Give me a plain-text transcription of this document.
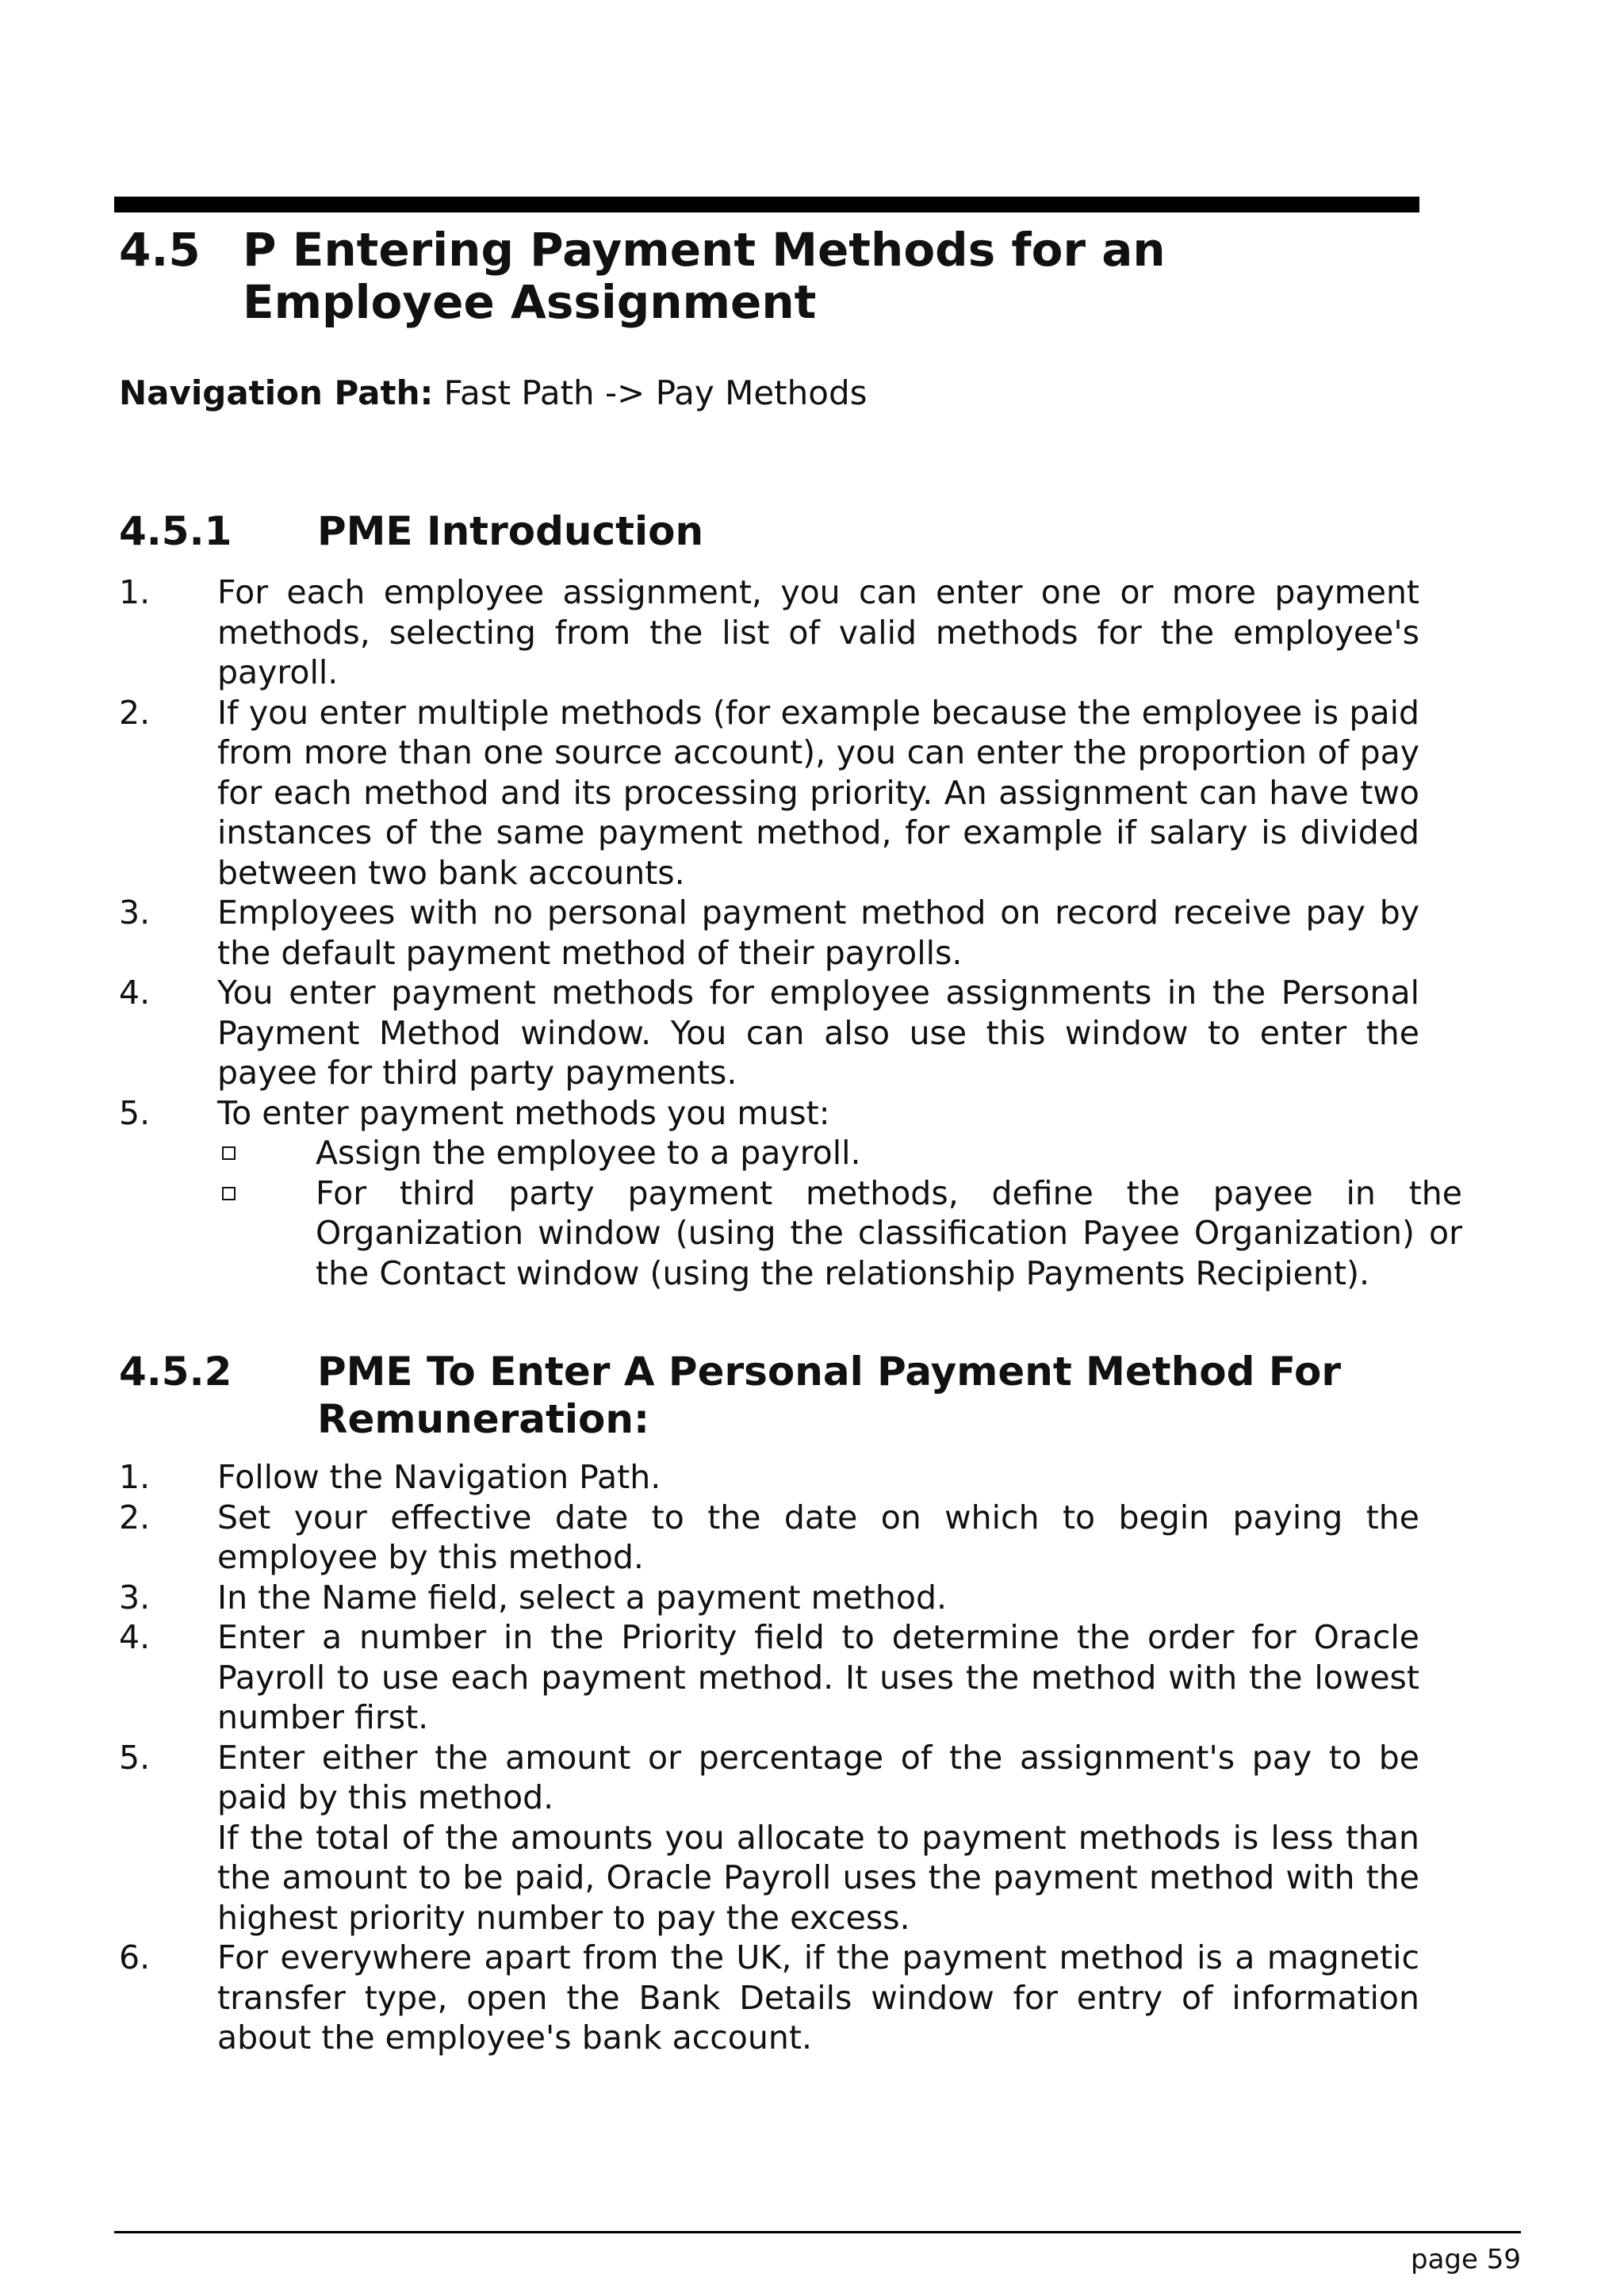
4.5 P Entering Payment Methods for an Employee Assignment
Navigation Path: Fast Path -> Pay Methods
4.5.1 PME Introduction
1. For each employee assignment, you can enter one or more payment methods, selecting from the list of valid methods for the employee's payroll.
2. If you enter multiple methods (for example because the employee is paid from more than one source account), you can enter the proportion of pay for each method and its processing priority. An assignment can have two instances of the same payment method, for example if salary is divided between two bank accounts.
3. Employees with no personal payment method on record receive pay by the default payment method of their payrolls.
4. You enter payment methods for employee assignments in the Personal Payment Method window. You can also use this window to enter the payee for third party payments.
5. To enter payment methods you must:
Assign the employee to a payroll.
For third party payment methods, define the payee in the Organization window (using the classification Payee Organization) or the Contact window (using the relationship Payments Recipient).
4.5.2 PME To Enter A Personal Payment Method For Remuneration:
1. Follow the Navigation Path.
2. Set your effective date to the date on which to begin paying the employee by this method.
3. In the Name field, select a payment method.
4. Enter a number in the Priority field to determine the order for Oracle Payroll to use each payment method. It uses the method with the lowest number first.
5. Enter either the amount or percentage of the assignment's pay to be paid by this method.
If the total of the amounts you allocate to payment methods is less than the amount to be paid, Oracle Payroll uses the payment method with the highest priority number to pay the excess.
6. For everywhere apart from the UK, if the payment method is a magnetic transfer type, open the Bank Details window for entry of information about the employee's bank account.
page 59
